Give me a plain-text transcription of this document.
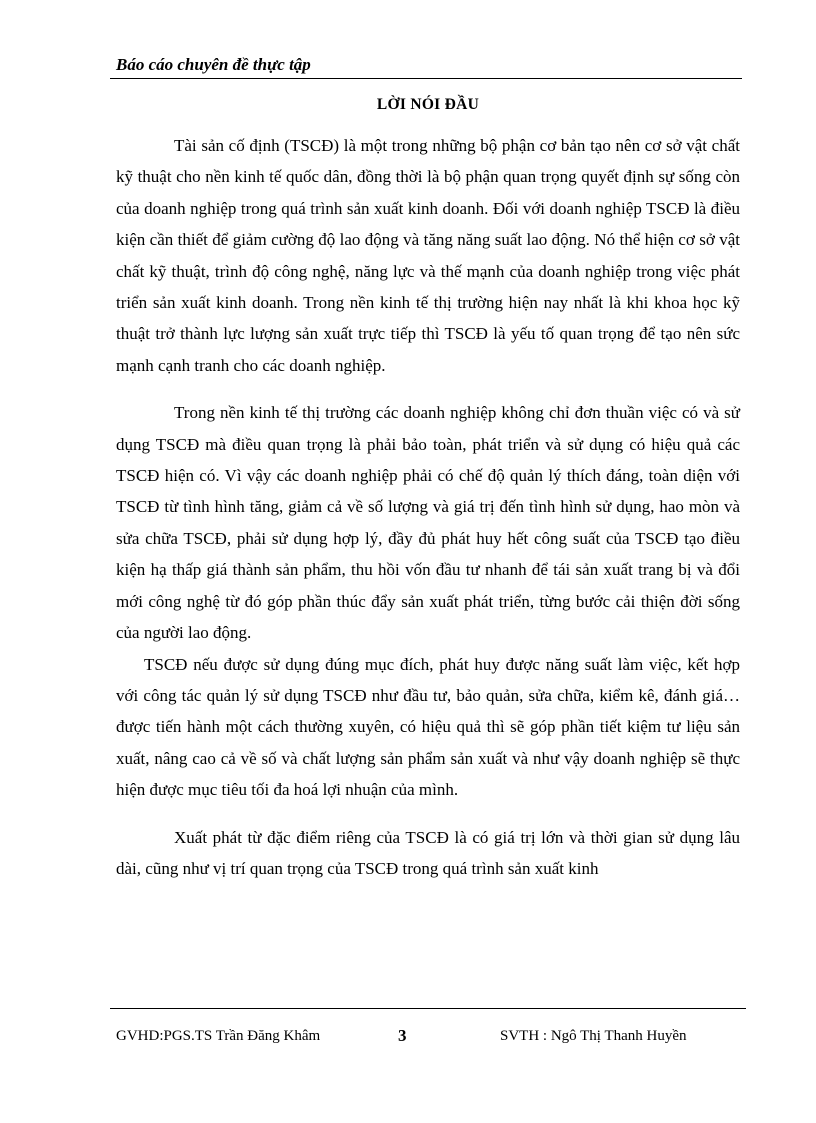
Báo cáo chuyên đề thực tập
LỜI NÓI ĐẦU

Tài sản cố định (TSCĐ) là một trong những bộ phận cơ bản tạo nên cơ sở vật chất kỹ thuật cho nền kinh tế quốc dân, đồng thời là bộ phận quan trọng quyết định sự sống còn của doanh nghiệp trong quá trình sản xuất kinh doanh. Đối với doanh nghiệp TSCĐ là điều kiện cần thiết để giảm cường độ lao động và tăng năng suất lao động. Nó thể hiện cơ sở vật chất kỹ thuật, trình độ công nghệ, năng lực và thế mạnh của doanh nghiệp trong việc phát triển sản xuất kinh doanh. Trong nền kinh tế thị trường hiện nay nhất là khi khoa học kỹ thuật trở thành lực lượng sản xuất trực tiếp thì TSCĐ là yếu tố quan trọng để tạo nên sức mạnh cạnh tranh cho các doanh nghiệp.

Trong nền kinh tế thị trường các doanh nghiệp không chỉ đơn thuần việc có và sử dụng TSCĐ mà điều quan trọng là phải bảo toàn, phát triển và sử dụng có hiệu quả các TSCĐ hiện có. Vì vậy các doanh nghiệp phải có chế độ quản lý thích đáng, toàn diện với TSCĐ từ tình hình tăng, giảm cả về số lượng và giá trị đến tình hình sử dụng, hao mòn và sửa chữa TSCĐ, phải sử dụng hợp lý, đầy đủ phát huy hết công suất của TSCĐ tạo điều kiện hạ thấp giá thành sản phẩm, thu hồi vốn đầu tư nhanh để tái sản xuất trang bị và đổi mới công nghệ từ đó góp phần thúc đẩy sản xuất phát triển, từng bước cải thiện đời sống của người lao động.

TSCĐ nếu được sử dụng đúng mục đích, phát huy được năng suất làm việc, kết hợp với công tác quản lý sử dụng TSCĐ như đầu tư, bảo quản, sửa chữa, kiểm kê, đánh giá… được tiến hành một cách thường xuyên, có hiệu quả thì sẽ góp phần tiết kiệm tư liệu sản xuất, nâng cao cả về số và chất lượng sản phẩm sản xuất và như vậy doanh nghiệp sẽ thực hiện được mục tiêu tối đa hoá lợi nhuận của mình.

Xuất phát từ đặc điểm riêng của TSCĐ là có giá trị lớn và thời gian sử dụng lâu dài, cũng như vị trí quan trọng của TSCĐ trong quá trình sản xuất kinh

GVHD:PGS.TS Trần Đăng Khâm	3	SVTH : Ngô Thị Thanh Huyền
